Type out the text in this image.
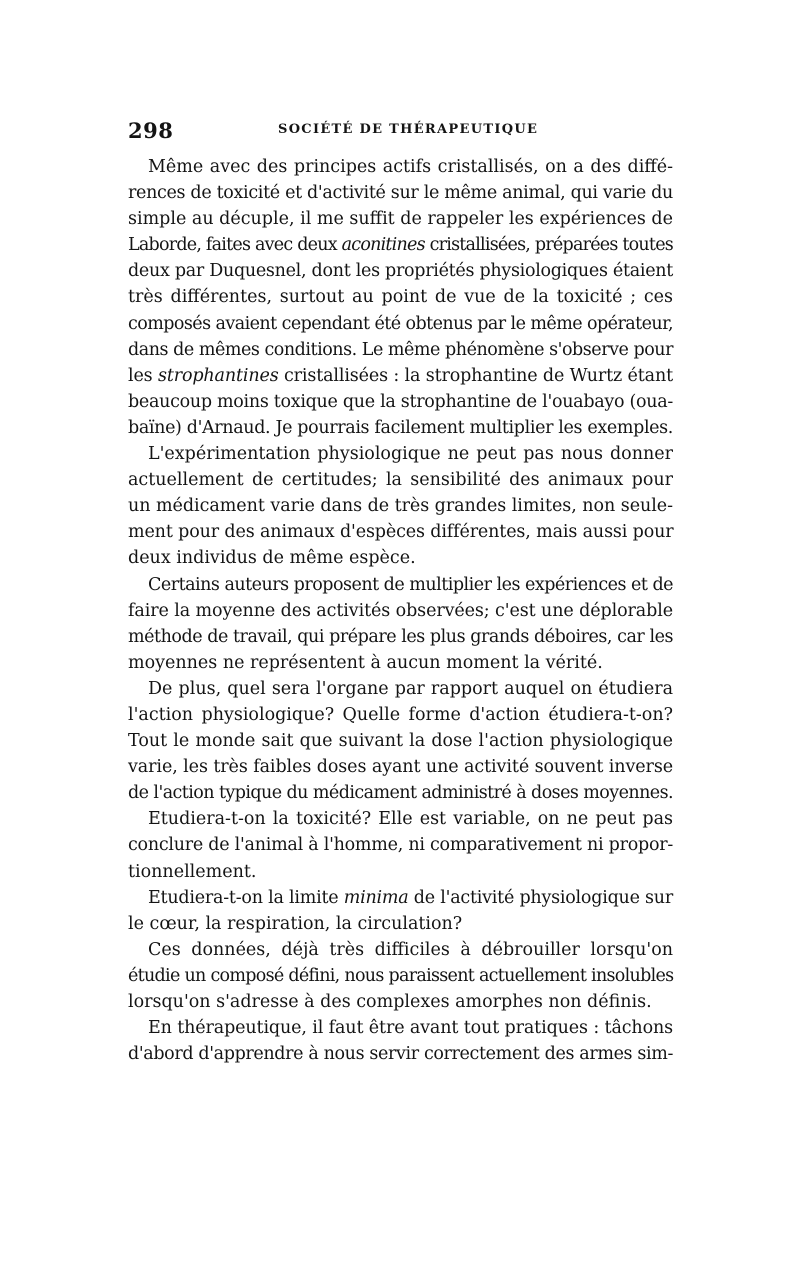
298	SOCIÉTÉ DE THÉRAPEUTIQUE
Même avec des principes actifs cristallisés, on a des diffé-
rences de toxicité et d'activité sur le même animal, qui varie du
simple au décuple, il me suffit de rappeler les expériences de
Laborde, faites avec deux aconitines cristallisées, préparées toutes
deux par Duquesnel, dont les propriétés physiologiques étaient
très différentes, surtout au point de vue de la toxicité ; ces
composés avaient cependant été obtenus par le même opérateur,
dans de mêmes conditions. Le même phénomène s'observe pour
les strophantines cristallisées : la strophantine de Wurtz étant
beaucoup moins toxique que la strophantine de l'ouabayo (oua-
baïne) d'Arnaud. Je pourrais facilement multiplier les exemples.
L'expérimentation physiologique ne peut pas nous donner
actuellement de certitudes; la sensibilité des animaux pour
un médicament varie dans de très grandes limites, non seule-
ment pour des animaux d'espèces différentes, mais aussi pour
deux individus de même espèce.
Certains auteurs proposent de multiplier les expériences et de
faire la moyenne des activités observées; c'est une déplorable
méthode de travail, qui prépare les plus grands déboires, car les
moyennes ne représentent à aucun moment la vérité.
De plus, quel sera l'organe par rapport auquel on étudiera
l'action physiologique? Quelle forme d'action étudiera-t-on?
Tout le monde sait que suivant la dose l'action physiologique
varie, les très faibles doses ayant une activité souvent inverse
de l'action typique du médicament administré à doses moyennes.
Etudiera-t-on la toxicité? Elle est variable, on ne peut pas
conclure de l'animal à l'homme, ni comparativement ni propor-
tionnellement.
Etudiera-t-on la limite minima de l'activité physiologique sur
le cœur, la respiration, la circulation?
Ces données, déjà très difficiles à débrouiller lorsqu'on
étudie un composé défini, nous paraissent actuellement insolubles
lorsqu'on s'adresse à des complexes amorphes non définis.
En thérapeutique, il faut être avant tout pratiques : tâchons
d'abord d'apprendre à nous servir correctement des armes sim-
